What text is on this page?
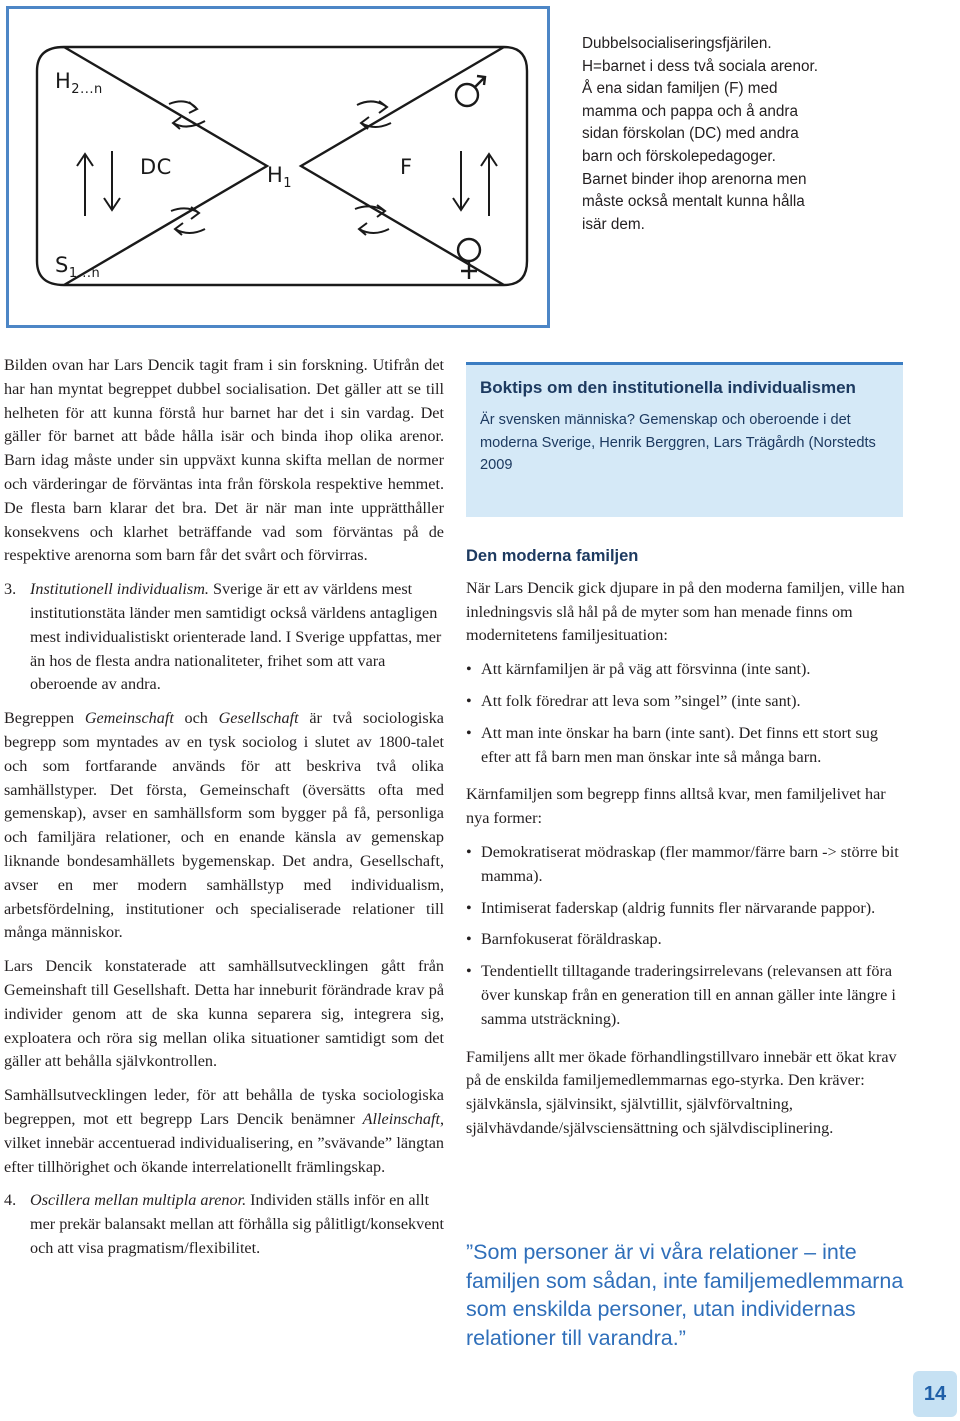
$H_{2...n}$
$S_{1...n}$
DC	$H_1$
F
Dubbelsocialiseringsfjärilen.
H=barnet i dess två sociala arenor.
Å ena sidan familjen (F) med
mamma och pappa och å andra
sidan förskolan (DC) med andra
barn och förskolepedagoger.
Barnet binder ihop arenorna men
måste också mentalt kunna hålla
isär dem.

Bilden ovan har Lars Dencik tagit fram i sin forskning. Utifrån det har han myntat begreppet dubbel socialisation. Det gäller att se till helheten för att kunna förstå hur barnet har det i sin vardag. Det gäller för barnet att både hålla isär och binda ihop olika arenor. Barn idag måste under sin uppväxt kunna skifta mellan de normer och värderingar de förväntas inta från förskola respektive hemmet. De flesta barn klarar det bra. Det är när man inte upprätthåller konsekvens och klarhet beträffande vad som förväntas på de respektive arenorna som barn får det svårt och förvirras.

3. Institutionell individualism. Sverige är ett av världens mest institutionstäta länder men samtidigt också världens antagligen mest individualistiskt orienterade land. I Sverige uppfattas, mer än hos de flesta andra nationaliteter, frihet som att vara oberoende av andra.

Begreppen Gemeinschaft och Gesellschaft är två sociologiska begrepp som myntades av en tysk sociolog i slutet av 1800-talet och som fortfarande används för att beskriva två olika samhällstyper. Det första, Gemeinschaft (översätts ofta med gemenskap), avser en samhällsform som bygger på få, personliga och familjära relationer, och en enande känsla av gemenskap liknande bondesamhällets bygemenskap. Det andra, Gesellschaft, avser en mer modern samhällstyp med individualism, arbetsfördelning, institutioner och specialiserade relationer till många människor.

Lars Dencik konstaterade att samhällsutvecklingen gått från Gemeinshaft till Gesellshaft. Detta har inneburit förändrade krav på individer genom att de ska kunna separera sig, integrera sig, exploatera och röra sig mellan olika situationer samtidigt som det gäller att behålla självkontrollen.

Samhällsutvecklingen leder, för att behålla de tyska sociologiska begreppen, mot ett begrepp Lars Dencik benämner Alleinschaft, vilket innebär accentuerad individualisering, en ”svävande” längtan efter tillhörighet och ökande interrelationellt främlingskap.

4. Oscillera mellan multipla arenor. Individen ställs inför en allt mer prekär balansakt mellan att förhålla sig pålitligt/konsekvent och att visa pragmatism/flexibilitet.
Boktips om den institutionella individualismen
Är svensken människa? Gemenskap och oberoende i det moderna Sverige, Henrik Berggren, Lars Trägårdh (Norstedts 2009
Den moderna familjen

När Lars Dencik gick djupare in på den moderna familjen, ville han inledningsvis slå hål på de myter som han menade finns om modernitetens familjesituation:

• Att kärnfamiljen är på väg att försvinna (inte sant).
• Att folk föredrar att leva som ”singel” (inte sant).
• Att man inte önskar ha barn (inte sant). Det finns ett stort sug efter att få barn men man önskar inte så många barn.

Kärnfamiljen som begrepp finns alltså kvar, men familjelivet har nya former:

• Demokratiserat mödraskap (fler mammor/färre barn -> större bit mamma).
• Intimiserat faderskap (aldrig funnits fler närvarande pappor).
• Barnfokuserat föräldraskap.
• Tendentiellt tilltagande traderingsirrelevans (relevansen att föra över kunskap från en generation till en annan gäller inte längre i samma utsträckning).

Familjens allt mer ökade förhandlingstillvaro innebär ett ökat krav på de enskilda familjemedlemmarnas ego-styrka. Den kräver: självkänsla, självinsikt, självtillit, självförvaltning, självhävdande/självsciensättning och självdisciplinering.

”Som personer är vi våra relationer – inte familjen som sådan, inte familjemedlemmarna som enskilda personer, utan individernas relationer till varandra.”
14
